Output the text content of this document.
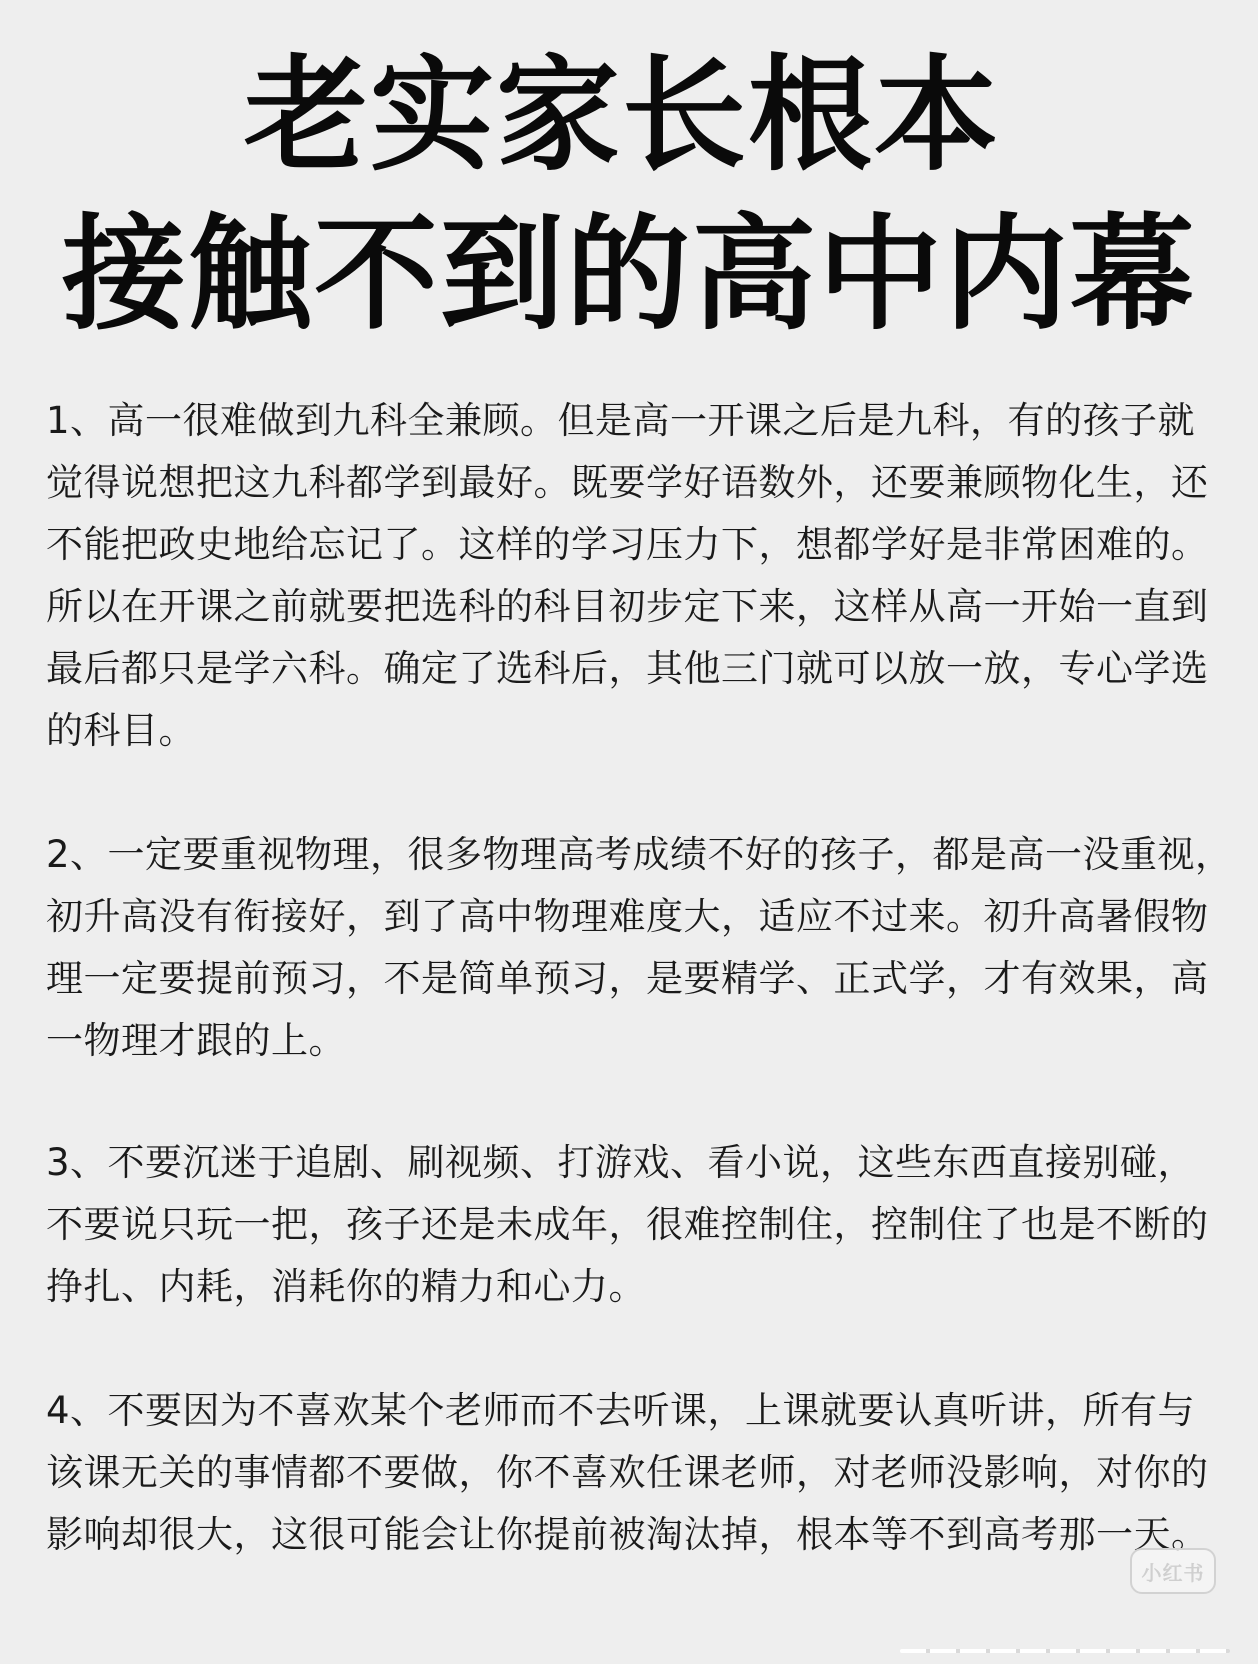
老实家长根本
接触不到的高中内幕

1、高一很难做到九科全兼顾。但是高一开课之后是九科，有的孩子就觉得说想把这九科都学到最好。既要学好语数外，还要兼顾物化生，还不能把政史地给忘记了。这样的学习压力下，想都学好是非常困难的。所以在开课之前就要把选科的科目初步定下来，这样从高一开始一直到最后都只是学六科。确定了选科后，其他三门就可以放一放，专心学选的科目。

2、一定要重视物理，很多物理高考成绩不好的孩子，都是高一没重视，初升高没有衔接好，到了高中物理难度大，适应不过来。初升高暑假物理一定要提前预习，不是简单预习，是要精学、正式学，才有效果，高一物理才跟的上。

3、不要沉迷于追剧、刷视频、打游戏、看小说，这些东西直接别碰，不要说只玩一把，孩子还是未成年，很难控制住，控制住了也是不断的挣扎、内耗，消耗你的精力和心力。

4、不要因为不喜欢某个老师而不去听课，上课就要认真听讲，所有与该课无关的事情都不要做，你不喜欢任课老师，对老师没影响，对你的影响却很大，这很可能会让你提前被淘汰掉，根本等不到高考那一天。

小红书
